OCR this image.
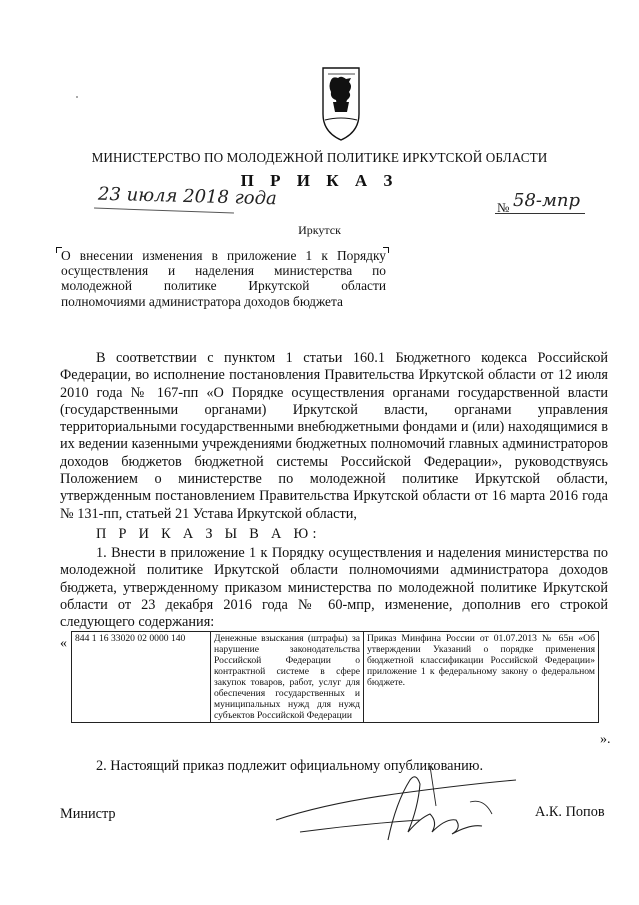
МИНИСТЕРСТВО ПО МОЛОДЕЖНОЙ ПОЛИТИКЕ ИРКУТСКОЙ ОБЛАСТИ
П Р И К А З
23 июля 2018 года	№ 58-мпр
Иркутск
О внесении изменения в приложение 1 к Порядку осуществления и наделения министерства по молодежной политике Иркутской области полномочиями администратора доходов бюджета
В соответствии с пунктом 1 статьи 160.1 Бюджетного кодекса Российской Федерации, во исполнение постановления Правительства Иркутской области от 12 июля 2010 года № 167-пп «О Порядке осуществления органами государственной власти (государственными органами) Иркутской власти, органами управления территориальными государственными внебюджетными фондами и (или) находящимися в их ведении казенными учреждениями бюджетных полномочий главных администраторов доходов бюджетов бюджетной системы Российской Федерации», руководствуясь Положением о министерстве по молодежной политике Иркутской области, утвержденным постановлением Правительства Иркутской области от 16 марта 2016 года № 131-пп, статьей 21 Устава Иркутской области,
П Р И К А З Ы В А Ю:
1. Внести в приложение 1 к Порядку осуществления и наделения министерства по молодежной политике Иркутской области полномочиями администратора доходов бюджета, утвержденному приказом министерства по молодежной политике Иркутской области от 23 декабря 2016 года № 60-мпр, изменение, дополнив его строкой следующего содержания:
« 844 1 16 33020 02 0000 140	Денежные взыскания (штрафы) за нарушение законодательства Российской Федерации о контрактной системе в сфере закупок товаров, работ, услуг для обеспечения государственных и муниципальных нужд для нужд субъектов Российской Федерации	Приказ Минфина России от 01.07.2013 № 65н «Об утверждении Указаний о порядке применения бюджетной классификации Российской Федерации» приложение 1 к федеральному закону о федеральном бюджете.
».
2. Настоящий приказ подлежит официальному опубликованию.
Министр	А.К. Попов
